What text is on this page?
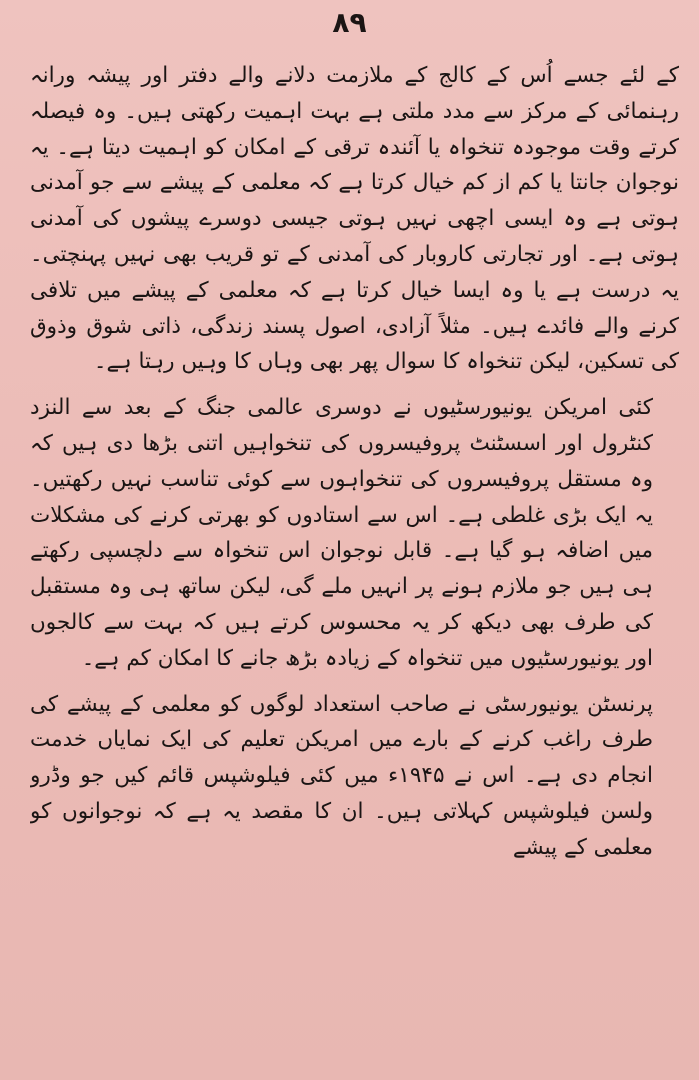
۸۹

کے لئے جسے اُس کے کالج کے ملازمت دلانے والے دفتر اور پیشہ ورانہ رہنمائی کے مرکز سے مدد ملتی ہے بہت اہمیت رکھتی ہیں۔ وہ فیصلہ کرتے وقت موجودہ تنخواہ یا آئندہ ترقی کے امکان کو اہمیت دیتا ہے۔ یہ نوجوان جانتا یا کم از کم خیال کرتا ہے کہ معلمی کے پیشے سے جو آمدنی ہوتی ہے وہ ایسی اچھی نہیں ہوتی جیسی دوسرے پیشوں کی آمدنی ہوتی ہے۔ اور تجارتی کاروبار کی آمدنی کے تو قریب بھی نہیں پہنچتی۔ یہ درست ہے یا وہ ایسا خیال کرتا ہے کہ معلمی کے پیشے میں تلافی کرنے والے فائدے ہیں۔ مثلاً آزادی، اصول پسند زندگی، ذاتی شوق وذوق کی تسکین، لیکن تنخواہ کا سوال پھر بھی وہاں کا وہیں رہتا ہے۔

کئی امریکن یونیورسٹیوں نے دوسری عالمی جنگ کے بعد سے النزد کنٹرول اور اسسٹنٹ پروفیسروں کی تنخواہیں اتنی بڑھا دی ہیں کہ وہ مستقل پروفیسروں کی تنخواہوں سے کوئی تناسب نہیں رکھتیں۔ یہ ایک بڑی غلطی ہے۔ اس سے استادوں کو بھرتی کرنے کی مشکلات میں اضافہ ہو گیا ہے۔ قابل نوجوان اس تنخواہ سے دلچسپی رکھتے ہی ہیں جو ملازم ہونے پر انہیں ملے گی، لیکن ساتھ ہی وہ مستقبل کی طرف بھی دیکھ کر یہ محسوس کرتے ہیں کہ بہت سے کالجوں اور یونیورسٹیوں میں تنخواہ کے زیادہ بڑھ جانے کا امکان کم ہے۔

پرنسٹن یونیورسٹی نے صاحب استعداد لوگوں کو معلمی کے پیشے کی طرف راغب کرنے کے بارے میں امریکن تعلیم کی ایک نمایاں خدمت انجام دی ہے۔ اس نے ۱۹۴۵ء میں کئی فیلوشپس قائم کیں جو وڈرو ولسن فیلوشپس کہلاتی ہیں۔ ان کا مقصد یہ ہے کہ نوجوانوں کو معلمی کے پیشے
